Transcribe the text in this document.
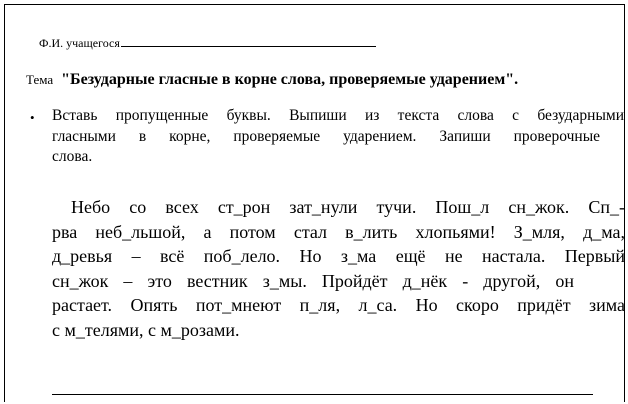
Ф.И. учащегося
Тема "Безударные гласные в корне слова, проверяемые ударением".
• Вставь пропущенные буквы. Выпиши из текста слова с безударными
гласными в корне, проверяемые ударением. Запиши проверочные
слова.
Небо со всех ст_рон зат_нули тучи. Пош_л сн_жок. Сп_-
рва неб_льшой, а потом стал в_лить хлопьями! З_мля, д_ма,
д_ревья – всё поб_лело. Но з_ма ещё не настала. Первый
сн_жок – это вестник з_мы. Пройдёт д_нёк - другой, он
растает. Опять пот_мнеют п_ля, л_са. Но скоро придёт зима
с м_телями, с м_розами.
